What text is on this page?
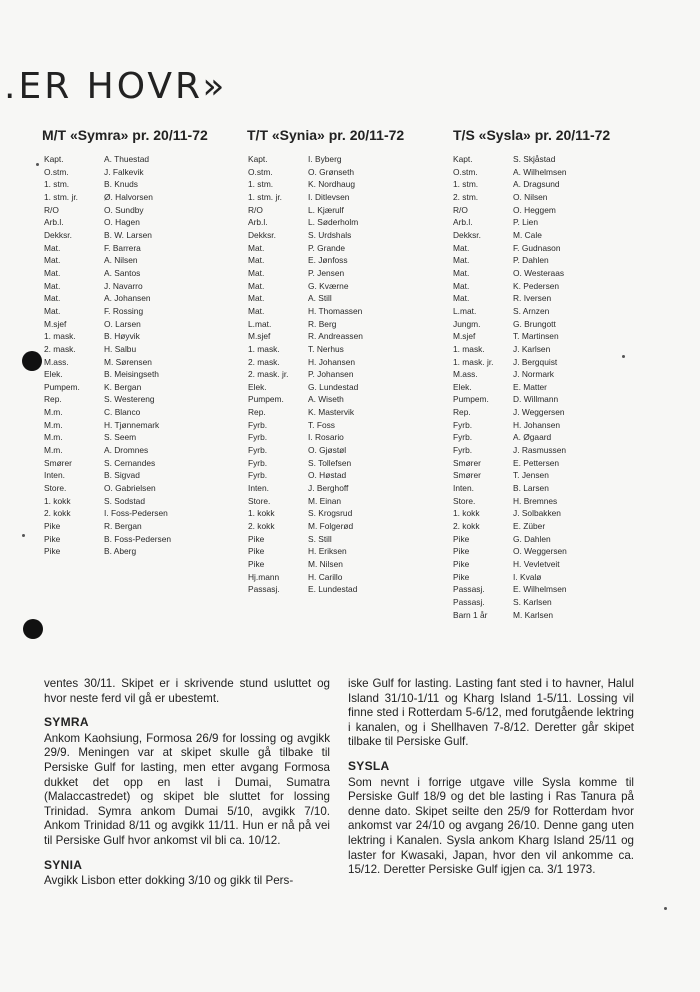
.ER HOVR»
M/T «Symra» pr. 20/11-72
Kapt.	A. Thuestad
O.stm.	J. Falkevik
1. stm.	B. Knuds
1. stm. jr.	Ø. Halvorsen
R/O	O. Sundby
Arb.l.	O. Hagen
Dekksr.	B. W. Larsen
Mat.	F. Barrera
Mat.	A. Nilsen
Mat.	A. Santos
Mat.	J. Navarro
Mat.	A. Johansen
Mat.	F. Rossing
M.sjef	O. Larsen
1. mask.	B. Høyvik
2. mask.	H. Salbu
M.ass.	M. Sørensen
Elek.	B. Meisingseth
Pumpem.	K. Bergan
Rep.	S. Westereng
M.m.	C. Blanco
M.m.	H. Tjønnemark
M.m.	S. Seem
M.m.	A. Dromnes
Smører	S. Cernandes
Inten.	B. Sigvad
Store.	O. Gabrielsen
1. kokk	S. Sodstad
2. kokk	I. Foss-Pedersen
Pike	R. Bergan
Pike	B. Foss-Pedersen
Pike	B. Aberg
T/T «Synia» pr. 20/11-72
Kapt.	I. Byberg
O.stm.	O. Grønseth
1. stm.	K. Nordhaug
1. stm. jr.	I. Ditlevsen
R/O	L. Kjærulf
Arb.l.	L. Søderholm
Dekksr.	S. Urdshals
Mat.	P. Grande
Mat.	E. Jønfoss
Mat.	P. Jensen
Mat.	G. Kværne
Mat.	A. Still
Mat.	H. Thomassen
L.mat.	R. Berg
M.sjef	R. Andreassen
1. mask.	T. Nerhus
2. mask.	H. Johansen
2. mask. jr.	P. Johansen
Elek.	G. Lundestad
Pumpem.	A. Wiseth
Rep.	K. Mastervik
Fyrb.	T. Foss
Fyrb.	I. Rosario
Fyrb.	O. Gjøstøl
Fyrb.	S. Tollefsen
Fyrb.	O. Høstad
Inten.	J. Berghoff
Store.	M. Einan
1. kokk	S. Krogsrud
2. kokk	M. Folgerød
Pike	S. Still
Pike	H. Eriksen
Pike	M. Nilsen
Hj.mann	H. Carillo
Passasj.	E. Lundestad
T/S «Sysla» pr. 20/11-72
Kapt.	S. Skjåstad
O.stm.	A. Wilhelmsen
1. stm.	A. Dragsund
2. stm.	O. Nilsen
R/O	O. Heggem
Arb.l.	P. Lien
Dekksr.	M. Cale
Mat.	F. Gudnason
Mat.	P. Dahlen
Mat.	O. Westeraas
Mat.	K. Pedersen
Mat.	R. Iversen
L.mat.	S. Arnzen
Jungm.	G. Brungott
M.sjef	T. Martinsen
1. mask.	J. Karlsen
1. mask. jr.	J. Bergquist
M.ass.	J. Normark
Elek.	E. Matter
Pumpem.	D. Willmann
Rep.	J. Weggersen
Fyrb.	H. Johansen
Fyrb.	A. Øgaard
Fyrb.	J. Rasmussen
Smører	E. Pettersen
Smører	T. Jensen
Inten.	B. Larsen
Store.	H. Bremnes
1. kokk	J. Solbakken
2. kokk	E. Züber
Pike	G. Dahlen
Pike	O. Weggersen
Pike	H. Vevletveit
Pike	I. Kvalø
Passasj.	E. Wilhelmsen
Passasj.	S. Karlsen
Barn 1 år	M. Karlsen

ventes 30/11. Skipet er i skrivende stund usluttet og hvor neste ferd vil gå er ubestemt.

SYMRA

Ankom Kaohsiung, Formosa 26/9 for lossing og avgikk 29/9. Meningen var at skipet skulle gå tilbake til Persiske Gulf for lasting, men etter avgang Formosa dukket det opp en last i Dumai, Sumatra (Malaccastredet) og skipet ble sluttet for lossing Trinidad. Symra ankom Dumai 5/10, avgikk 7/10. Ankom Trinidad 8/11 og avgikk 11/11. Hun er nå på vei til Persiske Gulf hvor ankomst vil bli ca. 10/12.

SYNIA

Avgikk Lisbon etter dokking 3/10 og gikk til Pers-

iske Gulf for lasting. Lasting fant sted i to havner, Halul Island 31/10-1/11 og Kharg Island 1-5/11. Lossing vil finne sted i Rotterdam 5-6/12, med forutgående lektring i kanalen, og i Shellhaven 7-8/12. Deretter går skipet tilbake til Persiske Gulf.

SYSLA

Som nevnt i forrige utgave ville Sysla komme til Persiske Gulf 18/9 og det ble lasting i Ras Tanura på denne dato. Skipet seilte den 25/9 for Rotterdam hvor ankomst var 24/10 og avgang 26/10. Denne gang uten lektring i Kanalen. Sysla ankom Kharg Island 25/11 og laster for Kwasaki, Japan, hvor den vil ankomme ca. 15/12. Deretter Persiske Gulf igjen ca. 3/1 1973.
